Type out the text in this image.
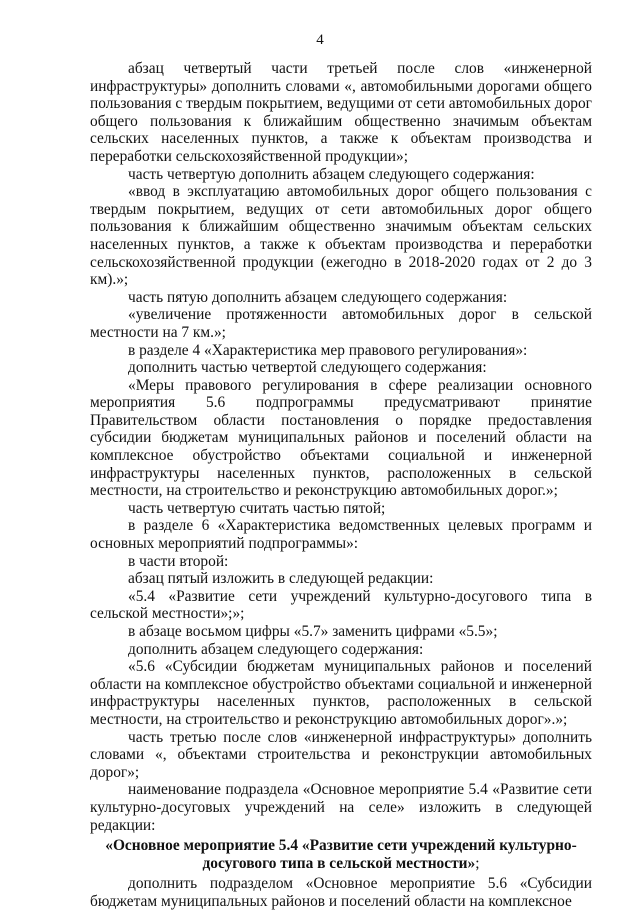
4

абзац четвертый части третьей после слов «инженерной инфраструктуры» дополнить словами «, автомобильными дорогами общего пользования с твердым покрытием, ведущими от сети автомобильных дорог общего пользования к ближайшим общественно значимым объектам сельских населенных пунктов, а также к объектам производства и переработки сельскохозяйственной продукции»;

часть четвертую дополнить абзацем следующего содержания:

«ввод в эксплуатацию автомобильных дорог общего пользования с твердым покрытием, ведущих от сети автомобильных дорог общего пользования к ближайшим общественно значимым объектам сельских населенных пунктов, а также к объектам производства и переработки сельскохозяйственной продукции (ежегодно в 2018-2020 годах от 2 до 3 км).»;

часть пятую дополнить абзацем следующего содержания:

«увеличение протяженности автомобильных дорог в сельской местности на 7 км.»;

в разделе 4 «Характеристика мер правового регулирования»:

дополнить частью четвертой следующего содержания:

«Меры правового регулирования в сфере реализации основного мероприятия 5.6 подпрограммы предусматривают принятие Правительством области постановления о порядке предоставления субсидии бюджетам муниципальных районов и поселений области на комплексное обустройство объектами социальной и инженерной инфраструктуры населенных пунктов, расположенных в сельской местности, на строительство и реконструкцию автомобильных дорог.»;

часть четвертую считать частью пятой;

в разделе 6 «Характеристика ведомственных целевых программ и основных мероприятий подпрограммы»:

в части второй:

абзац пятый изложить в следующей редакции:

«5.4 «Развитие сети учреждений культурно-досугового типа в сельской местности»;»;

в абзаце восьмом цифры «5.7» заменить цифрами «5.5»;

дополнить абзацем следующего содержания:

«5.6 «Субсидии бюджетам муниципальных районов и поселений области на комплексное обустройство объектами социальной и инженерной инфраструктуры населенных пунктов, расположенных в сельской местности, на строительство и реконструкцию автомобильных дорог».»;

часть третью после слов «инженерной инфраструктуры» дополнить словами «, объектами строительства и реконструкции автомобильных дорог»;

наименование подраздела «Основное мероприятие 5.4 «Развитие сети культурно-досуговых учреждений на селе» изложить в следующей редакции:

«Основное мероприятие 5.4 «Развитие сети учреждений культурно-досугового типа в сельской местности»;

дополнить подразделом «Основное мероприятие 5.6 «Субсидии бюджетам муниципальных районов и поселений области на комплексное
